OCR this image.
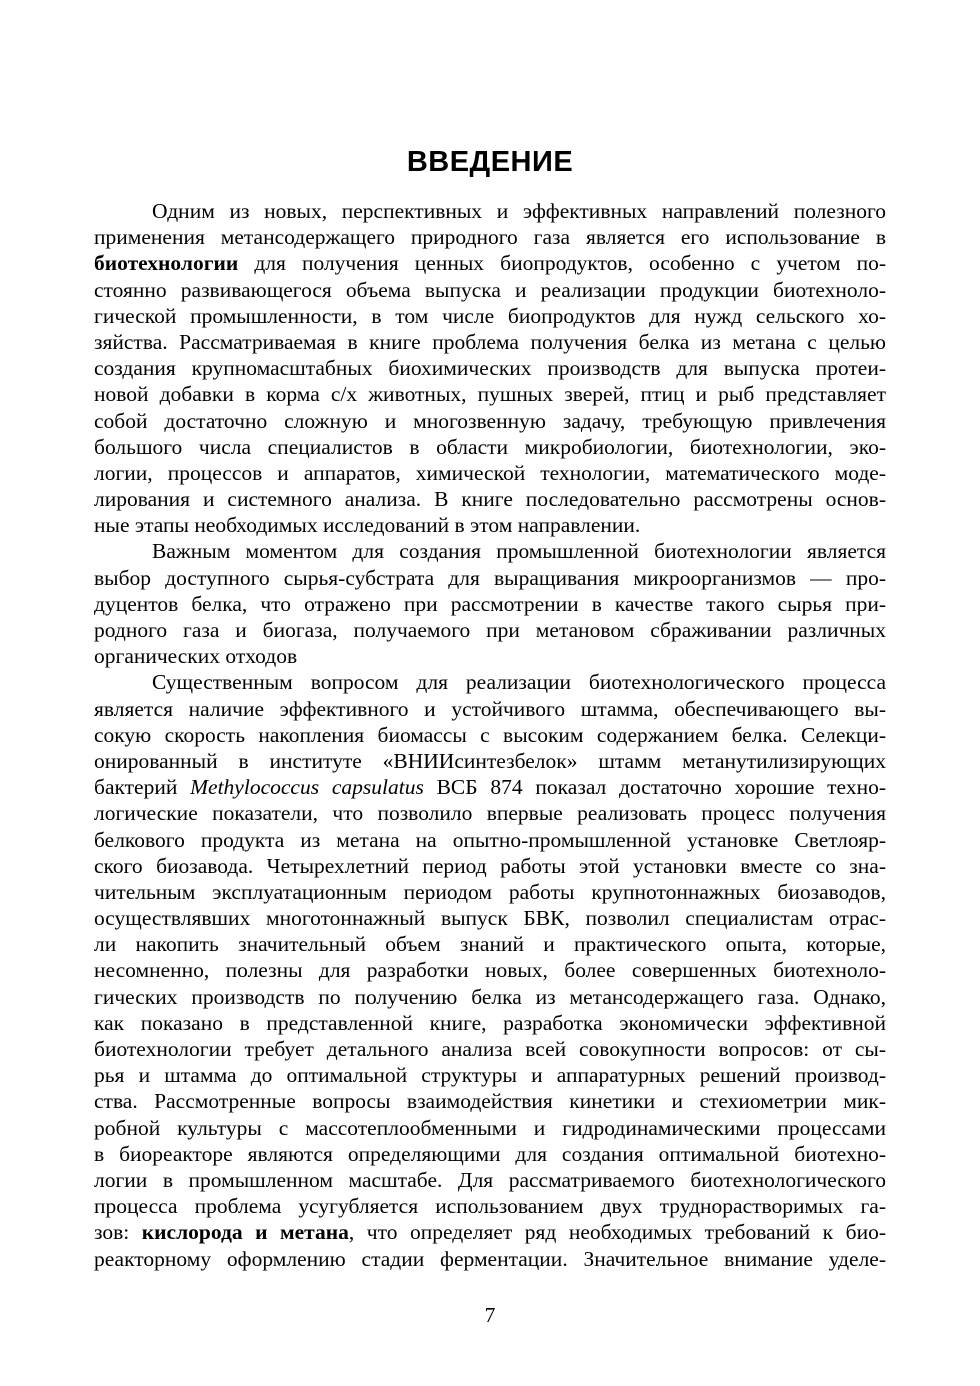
ВВЕДЕНИЕ

Одним из новых, перспективных и эффективных направлений полезного
применения метансодержащего природного газа является его использование в
биотехнологии для получения ценных биопродуктов, особенно с учетом по-
стоянно развивающегося объема выпуска и реализации продукции биотехноло-
гической промышленности, в том числе биопродуктов для нужд сельского хо-
зяйства. Рассматриваемая в книге проблема получения белка из метана с целью
создания крупномасштабных биохимических производств для выпуска протеи-
новой добавки в корма с/х животных, пушных зверей, птиц и рыб представляет
собой достаточно сложную и многозвенную задачу, требующую привлечения
большого числа специалистов в области микробиологии, биотехнологии, эко-
логии, процессов и аппаратов, химической технологии, математического моде-
лирования и системного анализа. В книге последовательно рассмотрены основ-
ные этапы необходимых исследований в этом направлении.

Важным моментом для создания промышленной биотехнологии является
выбор доступного сырья-субстрата для выращивания микроорганизмов — про-
дуцентов белка, что отражено при рассмотрении в качестве такого сырья при-
родного газа и биогаза, получаемого при метановом сбраживании различных
органических отходов

Существенным вопросом для реализации биотехнологического процесса
является наличие эффективного и устойчивого штамма, обеспечивающего вы-
сокую скорость накопления биомассы с высоким содержанием белка. Селекци-
онированный в институте «ВНИИсинтезбелок» штамм метанутилизирующих
бактерий Methylococcus capsulatus ВСБ 874 показал достаточно хорошие техно-
логические показатели, что позволило впервые реализовать процесс получения
белкового продукта из метана на опытно-промышленной установке Светлояр-
ского биозавода. Четырехлетний период работы этой установки вместе со зна-
чительным эксплуатационным периодом работы крупнотоннажных биозаводов,
осуществлявших многотоннажный выпуск БВК, позволил специалистам отрас-
ли накопить значительный объем знаний и практического опыта, которые,
несомненно, полезны для разработки новых, более совершенных биотехноло-
гических производств по получению белка из метансодержащего газа. Однако,
как показано в представленной книге, разработка экономически эффективной
биотехнологии требует детального анализа всей совокупности вопросов: от сы-
рья и штамма до оптимальной структуры и аппаратурных решений производ-
ства. Рассмотренные вопросы взаимодействия кинетики и стехиометрии мик-
робной культуры с массотеплообменными и гидродинамическими процессами
в биореакторе являются определяющими для создания оптимальной биотехно-
логии в промышленном масштабе. Для рассматриваемого биотехнологического
процесса проблема усугубляется использованием двух труднорастворимых га-
зов: кислорода и метана, что определяет ряд необходимых требований к био-
реакторному оформлению стадии ферментации. Значительное внимание уделе-

7
